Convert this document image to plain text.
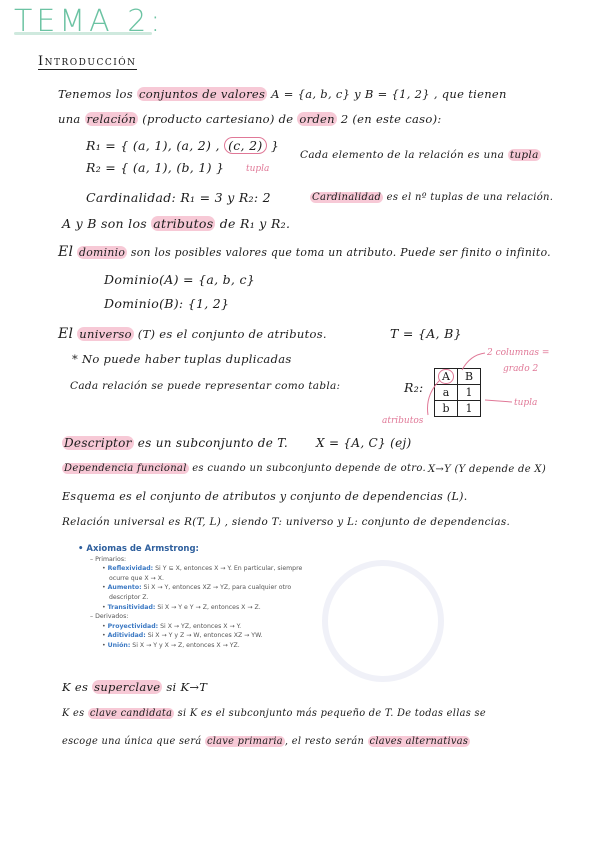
TEMA 2:
Introducción
Tenemos los conjuntos de valores A = {a, b, c} y B = {1, 2} , que tienen
una relación (producto cartesiano) de orden 2 (en este caso):
R₁ = { (a, 1), (a, 2) , (c, 2) }
tupla
R₂ = { (a, 1), (b, 1) }
Cada elemento de la relación es una tupla
Cardinalidad: R₁ = 3 y R₂: 2	Cardinalidad es el nº tuplas de una relación.
A y B son los atributos de R₁ y R₂.
El dominio son los posibles valores que toma un atributo. Puede ser finito o infinito.
Dominio(A) = {a, b, c}
Dominio(B): {1, 2}
El universo (T) es el conjunto de atributos.	T = {A, B}
* No puede haber tuplas duplicadas
Cada relación se puede representar como tabla:	R₂:
A	B
a	1
b	1
2 columnas =
grado 2
atributos
tupla
Descriptor es un subconjunto de T. X = {A, C} (ej)
Dependencia funcional es cuando un subconjunto depende de otro. X→Y (Y depende de X)
Esquema es el conjunto de atributos y conjunto de dependencias (L).
Relación universal es R(T, L) , siendo T: universo y L: conjunto de dependencias.
• Axiomas de Armstrong:
– Primarios:
• Reflexividad: Si Y ⊆ X, entonces X → Y. En particular, siempre
ocurre que X → X.
• Aumento: Si X → Y, entonces XZ → YZ, para cualquier otro
descriptor Z.
• Transitividad: Si X → Y e Y → Z, entonces X → Z.
– Derivados:
• Proyectividad: Si X → YZ, entonces X → Y.
• Aditividad: Si X → Y y Z → W, entonces XZ → YW.
• Unión: Si X → Y y X → Z, entonces X → YZ.
K es superclave si K→T
K es clave candidata si K es el subconjunto más pequeño de T. De todas ellas se
escoge una única que será clave primaria , el resto serán claves alternativas
